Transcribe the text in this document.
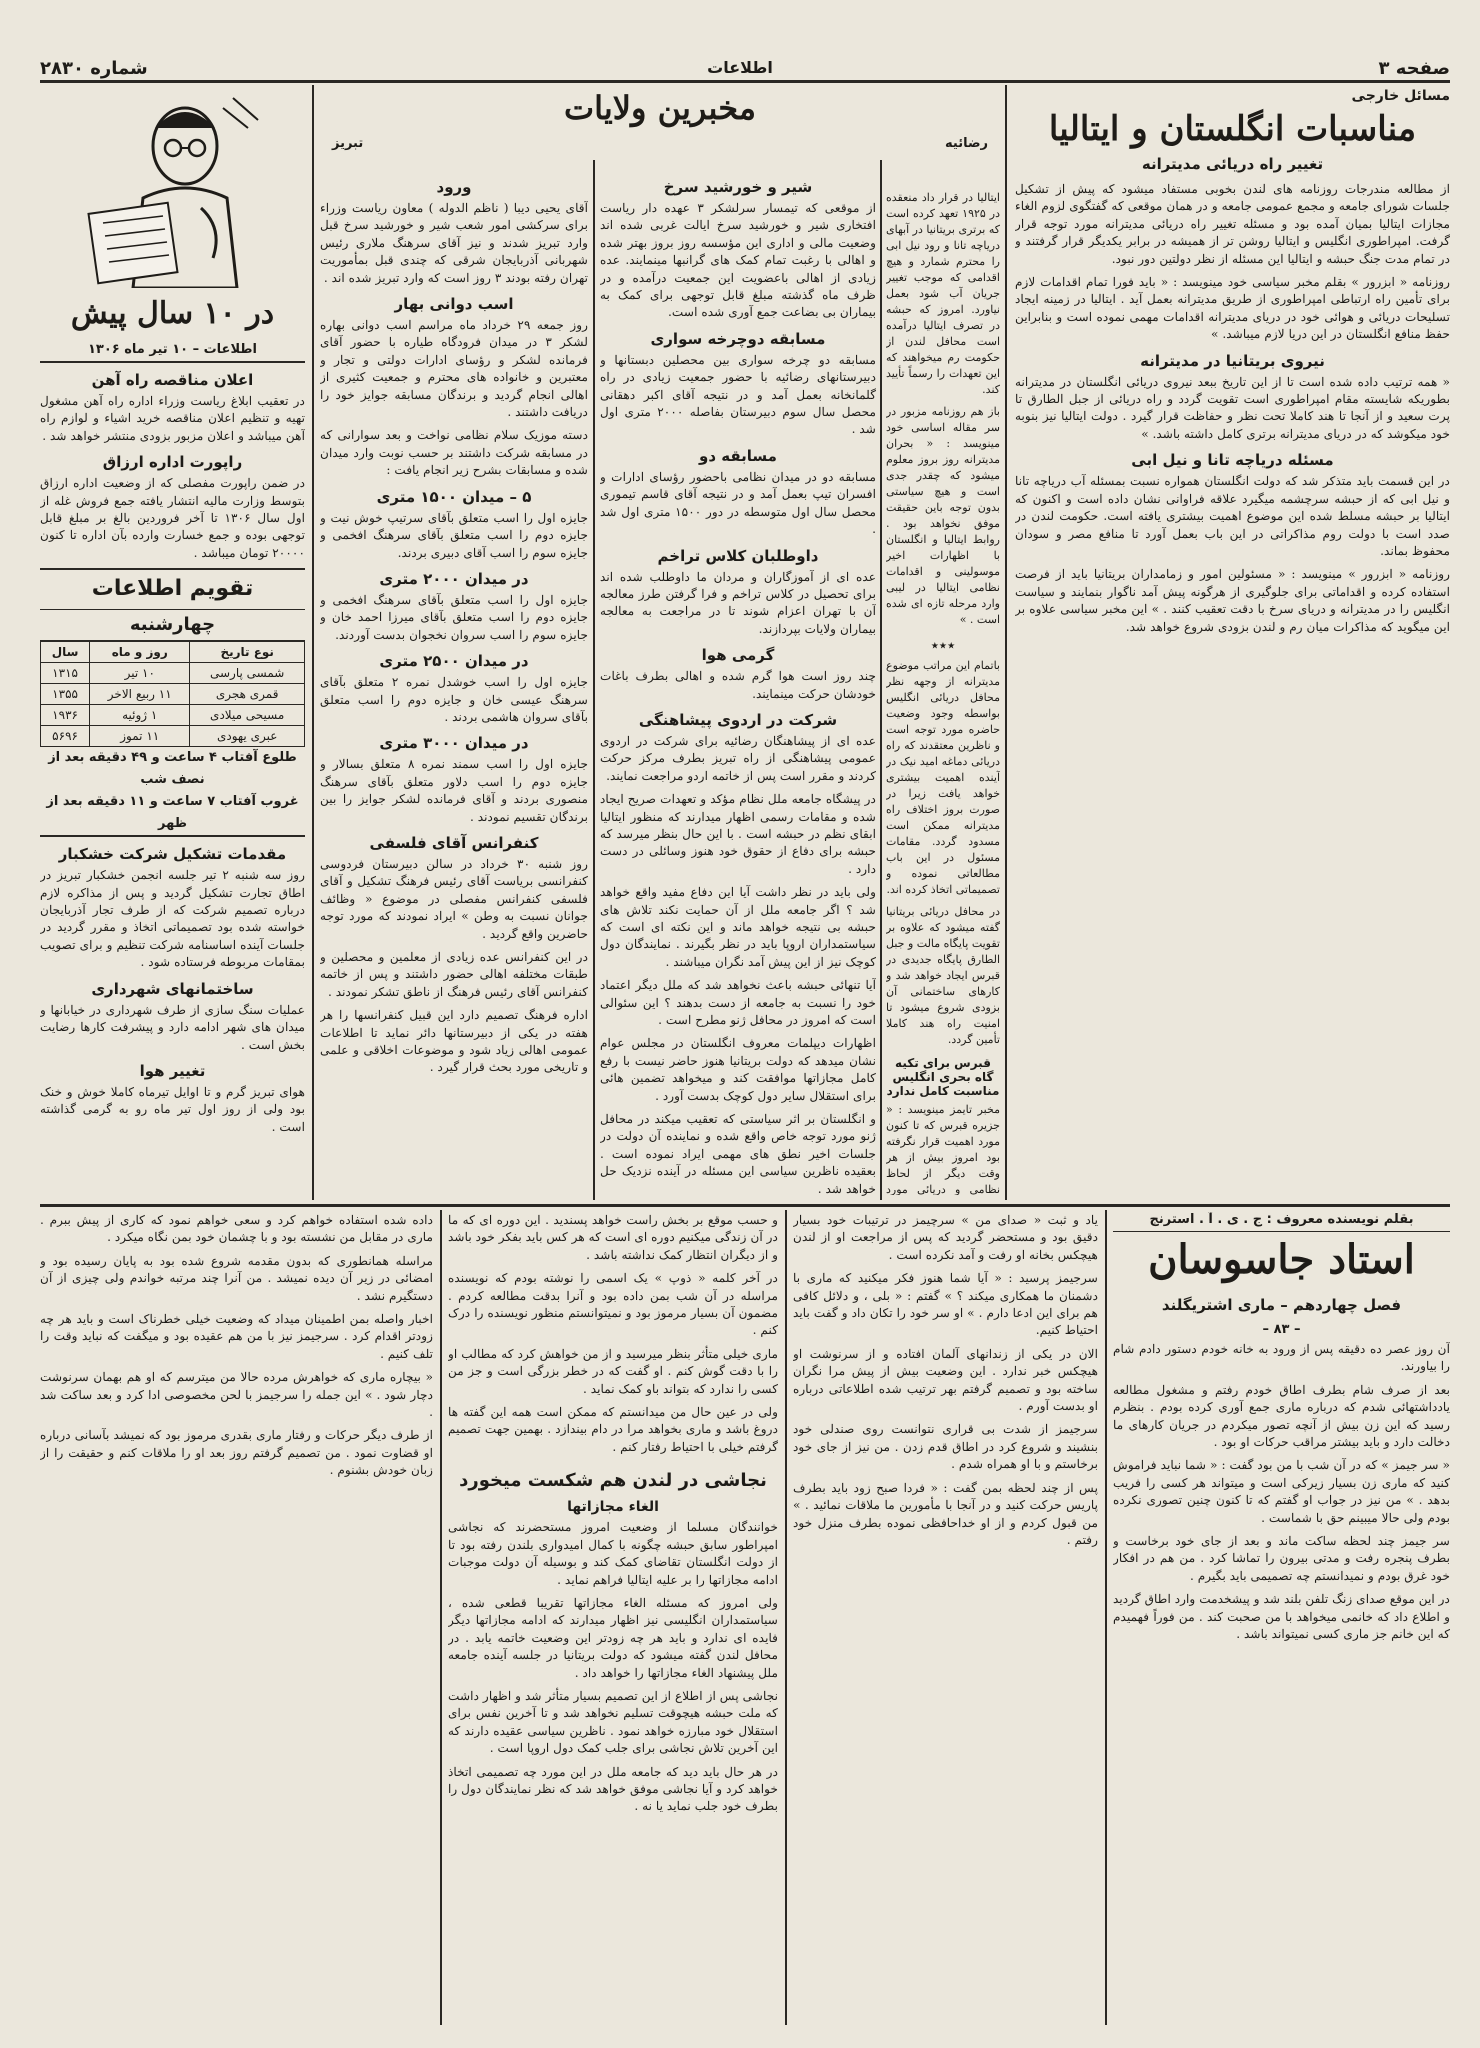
صفحه ۳
اطلاعات
شماره ۲۸۳۰
مسائل خارجی
مناسبات انگلستان و ایتالیا
تغییر راه دریائی مدیترانه

از مطالعه مندرجات روزنامه های لندن بخوبی مستفاد میشود که پیش از تشکیل جلسات شورای جامعه و مجمع عمومی جامعه و در همان موقعی که گفتگوی لزوم الغاء مجازات ایتالیا بمیان آمده بود و مسئله تغییر راه دریائی مدیترانه مورد توجه قرار گرفت. امپراطوری انگلیس و ایتالیا روشن تر از همیشه در برابر یکدیگر قرار گرفتند و در تمام مدت جنگ حبشه و ایتالیا این مسئله از نظر دولتین دور نبود.

روزنامه « ابزرور » بقلم مخبر سیاسی خود مینویسد : « باید فورا تمام اقدامات لازم برای تأمین راه ارتباطی امپراطوری از طریق مدیترانه بعمل آید . ایتالیا در زمینه ایجاد تسلیحات دریائی و هوائی خود در دریای مدیترانه اقدامات مهمی نموده است و بنابراین حفظ منافع انگلستان در این دریا لازم میباشد. »

نیروی بریتانیا در مدیترانه

« همه ترتیب داده شده است تا از این تاریخ ببعد نیروی دریائی انگلستان در مدیترانه بطوریکه شایسته مقام امپراطوری است تقویت گردد و راه دریائی از جبل الطارق تا پرت سعید و از آنجا تا هند کاملا تحت نظر و حفاظت قرار گیرد . دولت ایتالیا نیز بنوبه خود میکوشد که در دریای مدیترانه برتری کامل داشته باشد. »

مسئله دریاچه تانا و نیل ابی

در این قسمت باید متذکر شد که دولت انگلستان همواره نسبت بمسئله آب دریاچه تانا و نیل ابی که از حبشه سرچشمه میگیرد علاقه فراوانی نشان داده است و اکنون که ایتالیا بر حبشه مسلط شده این موضوع اهمیت بیشتری یافته است. حکومت لندن در صدد است با دولت روم مذاکراتی در این باب بعمل آورد تا منافع مصر و سودان محفوظ بماند.

روزنامه « ابزرور » مینویسد : « مسئولین امور و زمامداران بریتانیا باید از فرصت استفاده کرده و اقداماتی برای جلوگیری از هرگونه پیش آمد ناگوار بنمایند و سیاست انگلیس را در مدیترانه و دریای سرخ با دقت تعقیب کنند . » این مخبر سیاسی علاوه بر این میگوید که مذاکرات میان رم و لندن بزودی شروع خواهد شد.

ایتالیا در قرار داد منعقده در ۱۹۲۵ تعهد کرده است که برتری بریتانیا در آبهای دریاچه تانا و رود نیل ابی را محترم شمارد و هیچ اقدامی که موجب تغییر جریان آب شود بعمل نیاورد. امروز که حبشه در تصرف ایتالیا درآمده است محافل لندن از حکومت رم میخواهند که این تعهدات را رسماً تأیید کند.

باز هم روزنامه مزبور در سر مقاله اساسی خود مینویسد : « بحران مدیترانه روز بروز معلوم میشود که چقدر جدی است و هیچ سیاستی بدون توجه باین حقیقت موفق نخواهد بود . روابط ایتالیا و انگلستان با اظهارات اخیر موسولینی و اقدامات نظامی ایتالیا در لیبی وارد مرحله تازه ای شده است . »

٭٭٭

باتمام این مراتب موضوع مدیترانه از وجهه نظر محافل دریائی انگلیس بواسطه وجود وضعیت حاضره مورد توجه است و ناظرین معتقدند که راه دریائی دماغه امید نیک در آینده اهمیت بیشتری خواهد یافت زیرا در صورت بروز اختلاف راه مدیترانه ممکن است مسدود گردد. مقامات مسئول در این باب مطالعاتی نموده و تصمیماتی اتخاذ کرده اند.

در محافل دریائی بریتانیا گفته میشود که علاوه بر تقویت پایگاه مالت و جبل الطارق پایگاه جدیدی در قبرس ایجاد خواهد شد و کارهای ساختمانی آن بزودی شروع میشود تا امنیت راه هند کاملا تأمین گردد.

قبرس برای تکیه گاه بحری انگلیس مناسبت کامل ندارد

مخبر تایمز مینویسد : « جزیره قبرس که تا کنون مورد اهمیت قرار نگرفته بود امروز بیش از هر وقت دیگر از لحاظ نظامی و دریائی مورد

مخبرین ولایات
رضائیه
تبریز
شیر و خورشید سرخ

از موقعی که تیمسار سرلشکر ۳ عهده دار ریاست افتخاری شیر و خورشید سرخ ایالت غربی شده اند وضعیت مالی و اداری این مؤسسه روز بروز بهتر شده و اهالی با رغبت تمام کمک های گرانبها مینمایند. عده زیادی از اهالی باعضویت این جمعیت درآمده و در ظرف ماه گذشته مبلغ قابل توجهی برای کمک به بیماران بی بضاعت جمع آوری شده است.

مسابقه دوچرخه سواری

مسابقه دو چرخه سواری بین محصلین دبستانها و دبیرستانهای رضائیه با حضور جمعیت زیادی در راه گلمانخانه بعمل آمد و در نتیجه آقای اکبر دهقانی محصل سال سوم دبیرستان بفاصله ۲۰۰۰ متری اول شد .

مسابقه دو

مسابقه دو در میدان نظامی باحضور رؤسای ادارات و افسران تیپ بعمل آمد و در نتیجه آقای قاسم تیموری محصل سال اول متوسطه در دور ۱۵۰۰ متری اول شد .

داوطلبان کلاس تراخم

عده ای از آموزگاران و مردان ما داوطلب شده اند برای تحصیل در کلاس تراخم و فرا گرفتن طرز معالجه آن با تهران اعزام شوند تا در مراجعت به معالجه بیماران ولایات بپردازند.

گرمی هوا

چند روز است هوا گرم شده و اهالی بطرف باغات خودشان حرکت مینمایند.

شرکت در اردوی پیشاهنگی

عده ای از پیشاهنگان رضائیه برای شرکت در اردوی عمومی پیشاهنگی از راه تبریز بطرف مرکز حرکت کردند و مقرر است پس از خاتمه اردو مراجعت نمایند.

در پیشگاه جامعه ملل نظام مؤکد و تعهدات صریح ایجاد شده و مقامات رسمی اظهار میدارند که منظور ایتالیا ابقای نظم در حبشه است . با این حال بنظر میرسد که حبشه برای دفاع از حقوق خود هنوز وسائلی در دست دارد .

ولی باید در نظر داشت آیا این دفاع مفید واقع خواهد شد ؟ اگر جامعه ملل از آن حمایت نکند تلاش های حبشه بی نتیجه خواهد ماند و این نکته ای است که سیاستمداران اروپا باید در نظر بگیرند . نمایندگان دول کوچک نیز از این پیش آمد نگران میباشند .

آیا تنهائی حبشه باعث نخواهد شد که ملل دیگر اعتماد خود را نسبت به جامعه از دست بدهند ؟ این سئوالی است که امروز در محافل ژنو مطرح است .

اظهارات دیپلمات معروف انگلستان در مجلس عوام نشان میدهد که دولت بریتانیا هنوز حاضر نیست با رفع کامل مجازاتها موافقت کند و میخواهد تضمین هائی برای استقلال سایر دول کوچک بدست آورد .

و انگلستان بر اثر سیاستی که تعقیب میکند در محافل ژنو مورد توجه خاص واقع شده و نماینده آن دولت در جلسات اخیر نطق های مهمی ایراد نموده است . بعقیده ناظرین سیاسی این مسئله در آینده نزدیک حل خواهد شد .

ورود

آقای یحیی دیبا ( ناظم الدوله ) معاون ریاست وزراء برای سرکشی امور شعب شیر و خورشید سرخ قبل وارد تبریز شدند و نیز آقای سرهنگ ملاری رئیس شهربانی آذربایجان شرقی که چندی قبل بمأموریت تهران رفته بودند ۳ روز است که وارد تبریز شده اند .

اسب دوانی بهار

روز جمعه ۲۹ خرداد ماه مراسم اسب دوانی بهاره لشکر ۳ در میدان فرودگاه طیاره با حضور آقای فرمانده لشکر و رؤسای ادارات دولتی و تجار و معتبرین و خانواده های محترم و جمعیت کثیری از اهالی انجام گردید و برندگان مسابقه جوایز خود را دریافت داشتند .

دسته موزیک سلام نظامی نواخت و بعد سوارانی که در مسابقه شرکت داشتند بر حسب نوبت وارد میدان شده و مسابقات بشرح زیر انجام یافت :

۵ – میدان ۱۵۰۰ متری

جایزه اول را اسب متعلق بآقای سرتیپ خوش نیت و جایزه دوم را اسب متعلق بآقای سرهنگ افخمی و جایزه سوم را اسب آقای دبیری بردند.

در میدان ۲۰۰۰ متری

جایزه اول را اسب متعلق بآقای سرهنگ افخمی و جایزه دوم را اسب متعلق بآقای میرزا احمد خان و جایزه سوم را اسب سروان نخجوان بدست آوردند.

در میدان ۲۵۰۰ متری

جایزه اول را اسب خوشدل نمره ۲ متعلق بآقای سرهنگ عیسی خان و جایزه دوم را اسب متعلق بآقای سروان هاشمی بردند .

در میدان ۳۰۰۰ متری

جایزه اول را اسب سمند نمره ۸ متعلق بسالار و جایزه دوم را اسب دلاور متعلق بآقای سرهنگ منصوری بردند و آقای فرمانده لشکر جوایز را بین برندگان تقسیم نمودند .

کنفرانس آقای فلسفی

روز شنبه ۳۰ خرداد در سالن دبیرستان فردوسی کنفرانسی بریاست آقای رئیس فرهنگ تشکیل و آقای فلسفی کنفرانس مفصلی در موضوع « وظائف جوانان نسبت به وطن » ایراد نمودند که مورد توجه حاضرین واقع گردید .

در این کنفرانس عده زیادی از معلمین و محصلین و طبقات مختلفه اهالی حضور داشتند و پس از خاتمه کنفرانس آقای رئیس فرهنگ از ناطق تشکر نمودند .

اداره فرهنگ تصمیم دارد این قبیل کنفرانسها را هر هفته در یکی از دبیرستانها دائر نماید تا اطلاعات عمومی اهالی زیاد شود و موضوعات اخلاقی و علمی و تاریخی مورد بحث قرار گیرد .

در ۱۰ سال پیش
اطلاعات – ۱۰ تیر ماه ۱۳۰۶
اعلان مناقصه راه آهن

در تعقیب ابلاغ ریاست وزراء اداره راه آهن مشغول تهیه و تنظیم اعلان مناقصه خرید اشیاء و لوازم راه آهن میباشد و اعلان مزبور بزودی منتشر خواهد شد .

راپورت اداره ارزاق

در ضمن راپورت مفصلی که از وضعیت اداره ارزاق بتوسط وزارت مالیه انتشار یافته جمع فروش غله از اول سال ۱۳۰۶ تا آخر فروردین بالغ بر مبلغ قابل توجهی بوده و جمع خسارت وارده بآن اداره تا کنون ۲۰۰۰۰ تومان میباشد .

تقویم اطلاعات
چهارشنبه
نوع تاریخ	روز و ماه	سال
شمسی پارسی	۱۰ تیر	۱۳۱۵
قمری هجری	۱۱ ربیع الاخر	۱۳۵۵
مسیحی میلادی	۱ ژوئیه	۱۹۳۶
عبری یهودی	۱۱ تموز	۵۶۹۶
طلوع آفتاب ۴ ساعت و ۴۹ دقیقه بعد از نصف شب
غروب آفتاب ۷ ساعت و ۱۱ دقیقه بعد از ظهر
مقدمات تشکیل شرکت خشکبار

روز سه شنبه ۲ تیر جلسه انجمن خشکبار تبریز در اطاق تجارت تشکیل گردید و پس از مذاکره لازم درباره تصمیم شرکت که از طرف تجار آذربایجان خواسته شده بود تصمیماتی اتخاذ و مقرر گردید در جلسات آینده اساسنامه شرکت تنظیم و برای تصویب بمقامات مربوطه فرستاده شود .

ساختمانهای شهرداری

عملیات سنگ سازی از طرف شهرداری در خیابانها و میدان های شهر ادامه دارد و پیشرفت کارها رضایت بخش است .

تغییر هوا

هوای تبریز گرم و تا اوایل تیرماه کاملا خوش و خنک بود ولی از روز اول تیر ماه رو به گرمی گذاشته است .

بقلم نویسنده معروف : ج . ی . آ . استرنج
استاد جاسوسان
فصل چهاردهم – ماری اشتریگلند
– ۸۳ –

آن روز عصر ده دقیقه پس از ورود به خانه خودم دستور دادم شام را بیاورند.

بعد از صرف شام بطرف اطاق خودم رفتم و مشغول مطالعه یادداشتهائی شدم که درباره ماری جمع آوری کرده بودم . بنظرم رسید که این زن بیش از آنچه تصور میکردم در جریان کارهای ما دخالت دارد و باید بیشتر مراقب حرکات او بود .

« سر جیمز » که در آن شب با من بود گفت : « شما نباید فراموش کنید که ماری زن بسیار زیرکی است و میتواند هر کسی را فریب بدهد . » من نیز در جواب او گفتم که تا کنون چنین تصوری نکرده بودم ولی حالا میبینم حق با شماست .

سر جیمز چند لحظه ساکت ماند و بعد از جای خود برخاست و بطرف پنجره رفت و مدتی بیرون را تماشا کرد . من هم در افکار خود غرق بودم و نمیدانستم چه تصمیمی باید بگیرم .

در این موقع صدای زنگ تلفن بلند شد و پیشخدمت وارد اطاق گردید و اطلاع داد که خانمی میخواهد با من صحبت کند . من فوراً فهمیدم که این خانم جز ماری کسی نمیتواند باشد .

یاد و ثبت « صدای من » سرچیمز در ترتیبات خود بسیار دقیق بود و مستحضر گردید که پس از مراجعت او از لندن هیچکس بخانه او رفت و آمد نکرده است .

سرجیمز پرسید : « آیا شما هنوز فکر میکنید که ماری با دشمنان ما همکاری میکند ؟ » گفتم : « بلی ، و دلائل کافی هم برای این ادعا دارم . » او سر خود را تکان داد و گفت باید احتیاط کنیم.

الان در یکی از زندانهای آلمان افتاده و از سرنوشت او هیچکس خبر ندارد . این وضعیت بیش از پیش مرا نگران ساخته بود و تصمیم گرفتم بهر ترتیب شده اطلاعاتی درباره او بدست آورم .

سرجیمز از شدت بی قراری نتوانست روی صندلی خود بنشیند و شروع کرد در اطاق قدم زدن . من نیز از جای خود برخاستم و با او همراه شدم .

پس از چند لحظه بمن گفت : « فردا صبح زود باید بطرف پاریس حرکت کنید و در آنجا با مأمورین ما ملاقات نمائید . » من قبول کردم و از او خداحافظی نموده بطرف منزل خود رفتم .

و حسب موقع بر بخش راست خواهد پسندید . این دوره ای که ما در آن زندگی میکنیم دوره ای است که هر کس باید بفکر خود باشد و از دیگران انتظار کمک نداشته باشد .

در آخر کلمه « ذوپ » یک اسمی را نوشته بودم که نویسنده مراسله در آن شب بمن داده بود و آنرا بدقت مطالعه کردم . مضمون آن بسیار مرموز بود و نمیتوانستم منظور نویسنده را درک کنم .

ماری خیلی متأثر بنظر میرسید و از من خواهش کرد که مطالب او را با دقت گوش کنم . او گفت که در خطر بزرگی است و جز من کسی را ندارد که بتواند باو کمک نماید .

ولی در عین حال من میدانستم که ممکن است همه این گفته ها دروغ باشد و ماری بخواهد مرا در دام بیندازد . بهمین جهت تصمیم گرفتم خیلی با احتیاط رفتار کنم .

نجاشی در لندن هم شکست میخورد
الغاء مجازاتها

خوانندگان مسلما از وضعیت امروز مستحضرند که نجاشی امپراطور سابق حبشه چگونه با کمال امیدواری بلندن رفته بود تا از دولت انگلستان تقاضای کمک کند و بوسیله آن دولت موجبات ادامه مجازاتها را بر علیه ایتالیا فراهم نماید .

ولی امروز که مسئله الغاء مجازاتها تقریبا قطعی شده ، سیاستمداران انگلیسی نیز اظهار میدارند که ادامه مجازاتها دیگر فایده ای ندارد و باید هر چه زودتر این وضعیت خاتمه یابد . در محافل لندن گفته میشود که دولت بریتانیا در جلسه آینده جامعه ملل پیشنهاد الغاء مجازاتها را خواهد داد .

نجاشی پس از اطلاع از این تصمیم بسیار متأثر شد و اظهار داشت که ملت حبشه هیچوقت تسلیم نخواهد شد و تا آخرین نفس برای استقلال خود مبارزه خواهد نمود . ناظرین سیاسی عقیده دارند که این آخرین تلاش نجاشی برای جلب کمک دول اروپا است .

در هر حال باید دید که جامعه ملل در این مورد چه تصمیمی اتخاذ خواهد کرد و آیا نجاشی موفق خواهد شد که نظر نمایندگان دول را بطرف خود جلب نماید یا نه .

داده شده استفاده خواهم کرد و سعی خواهم نمود که کاری از پیش ببرم . ماری در مقابل من نشسته بود و با چشمان خود بمن نگاه میکرد .

مراسله همانطوری که بدون مقدمه شروع شده بود به پایان رسیده بود و امضائی در زیر آن دیده نمیشد . من آنرا چند مرتبه خواندم ولی چیزی از آن دستگیرم نشد .

اخبار واصله بمن اطمینان میداد که وضعیت خیلی خطرناک است و باید هر چه زودتر اقدام کرد . سرجیمز نیز با من هم عقیده بود و میگفت که نباید وقت را تلف کنیم .

« بیچاره ماری که خواهرش مرده حالا من میترسم که او هم بهمان سرنوشت دچار شود . » این جمله را سرجیمز با لحن مخصوصی ادا کرد و بعد ساکت شد .

از طرف دیگر حرکات و رفتار ماری بقدری مرموز بود که نمیشد بآسانی درباره او قضاوت نمود . من تصمیم گرفتم روز بعد او را ملاقات کنم و حقیقت را از زبان خودش بشنوم .
